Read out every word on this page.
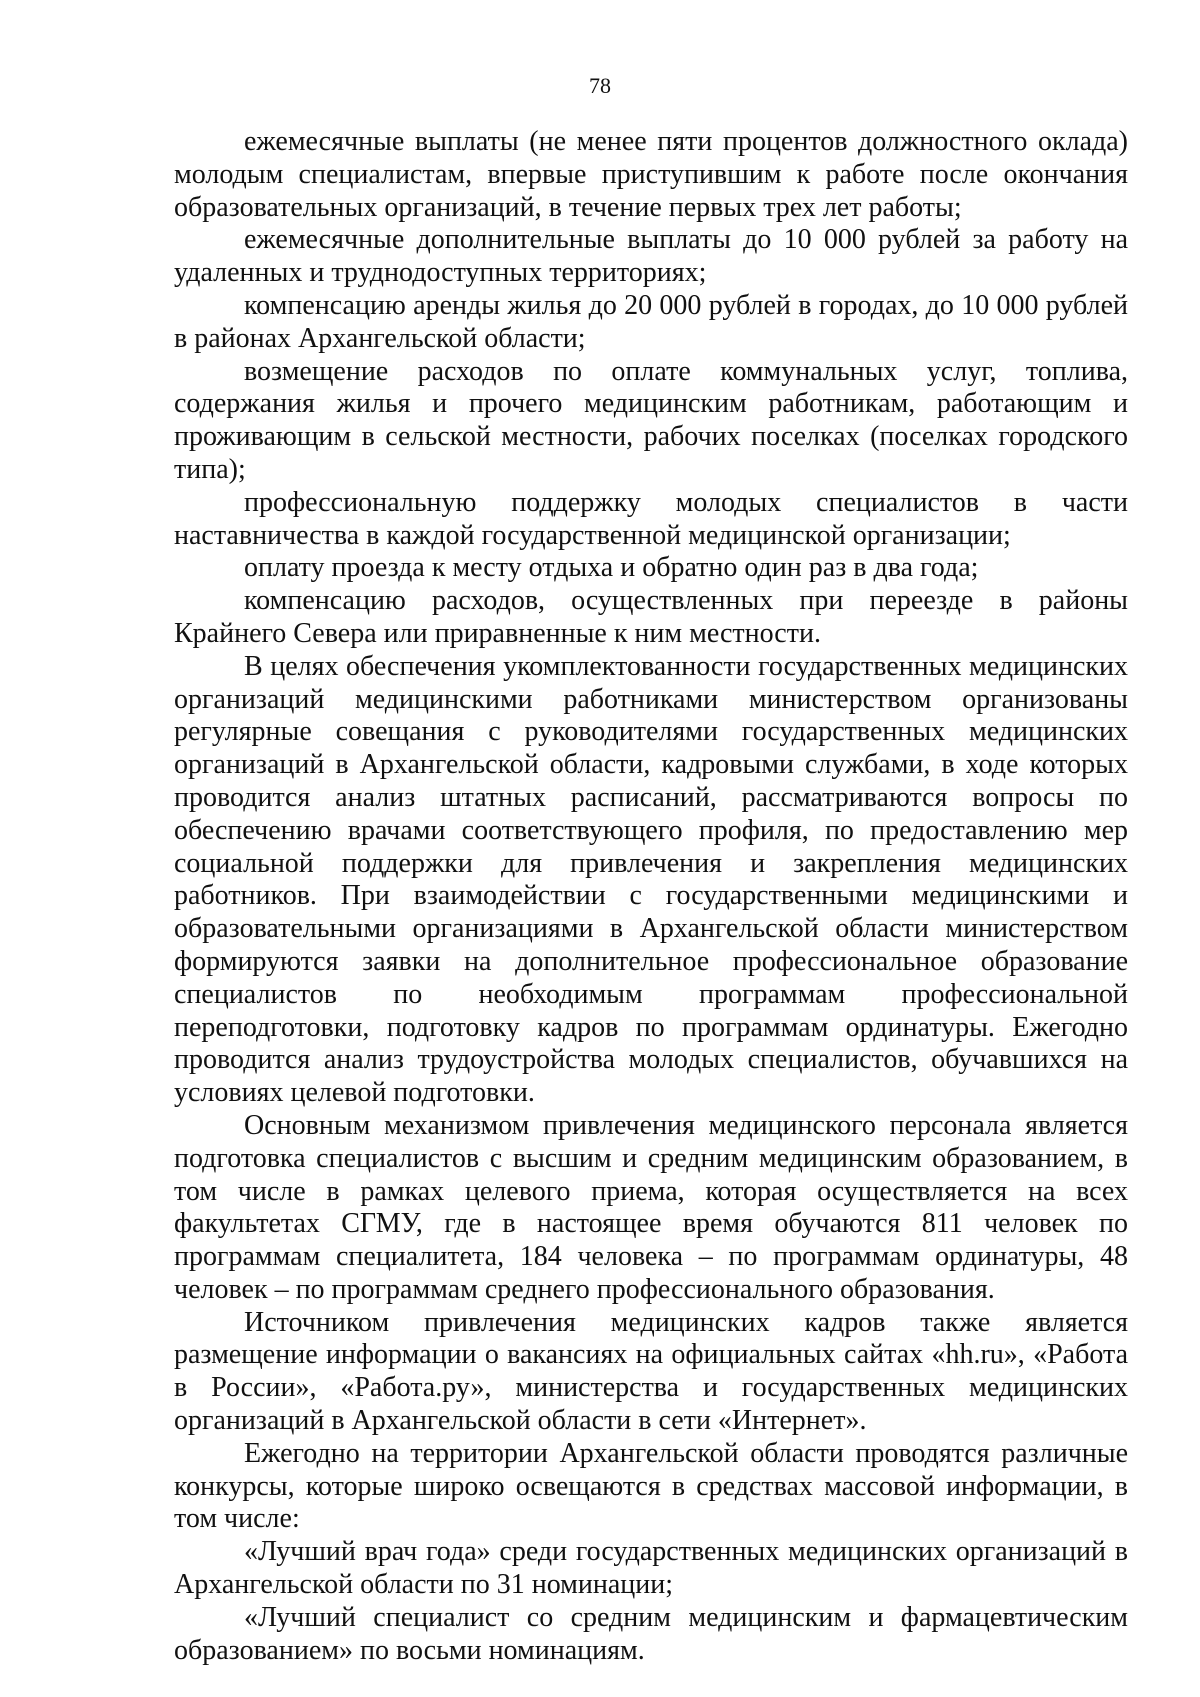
78

ежемесячные выплаты (не менее пяти процентов должностного оклада) молодым специалистам, впервые приступившим к работе после окончания образовательных организаций, в течение первых трех лет работы;

ежемесячные дополнительные выплаты до 10 000 рублей за работу на удаленных и труднодоступных территориях;

компенсацию аренды жилья до 20 000 рублей в городах, до 10 000 рублей в районах Архангельской области;

возмещение расходов по оплате коммунальных услуг, топлива, содержания жилья и прочего медицинским работникам, работающим и проживающим в сельской местности, рабочих поселках (поселках городского типа);

профессиональную поддержку молодых специалистов в части наставничества в каждой государственной медицинской организации;

оплату проезда к месту отдыха и обратно один раз в два года;

компенсацию расходов, осуществленных при переезде в районы Крайнего Севера или приравненные к ним местности.

В целях обеспечения укомплектованности государственных медицинских организаций медицинскими работниками министерством организованы регулярные совещания с руководителями государственных медицинских организаций в Архангельской области, кадровыми службами, в ходе которых проводится анализ штатных расписаний, рассматриваются вопросы по обеспечению врачами соответствующего профиля, по предоставлению мер социальной поддержки для привлечения и закрепления медицинских работников. При взаимодействии с государственными медицинскими и образовательными организациями в Архангельской области министерством формируются заявки на дополнительное профессиональное образование специалистов по необходимым программам профессиональной переподготовки, подготовку кадров по программам ординатуры. Ежегодно проводится анализ трудоустройства молодых специалистов, обучавшихся на условиях целевой подготовки.

Основным механизмом привлечения медицинского персонала является подготовка специалистов с высшим и средним медицинским образованием, в том числе в рамках целевого приема, которая осуществляется на всех факультетах СГМУ, где в настоящее время обучаются 811 человек по программам специалитета, 184 человека – по программам ординатуры, 48 человек – по программам среднего профессионального образования.

Источником привлечения медицинских кадров также является размещение информации о вакансиях на официальных сайтах «hh.ru», «Работа в России», «Работа.ру», министерства и государственных медицинских организаций в Архангельской области в сети «Интернет».

Ежегодно на территории Архангельской области проводятся различные конкурсы, которые широко освещаются в средствах массовой информации, в том числе:

«Лучший врач года» среди государственных медицинских организаций в Архангельской области по 31 номинации;

«Лучший специалист со средним медицинским и фармацевтическим образованием» по восьми номинациям.
